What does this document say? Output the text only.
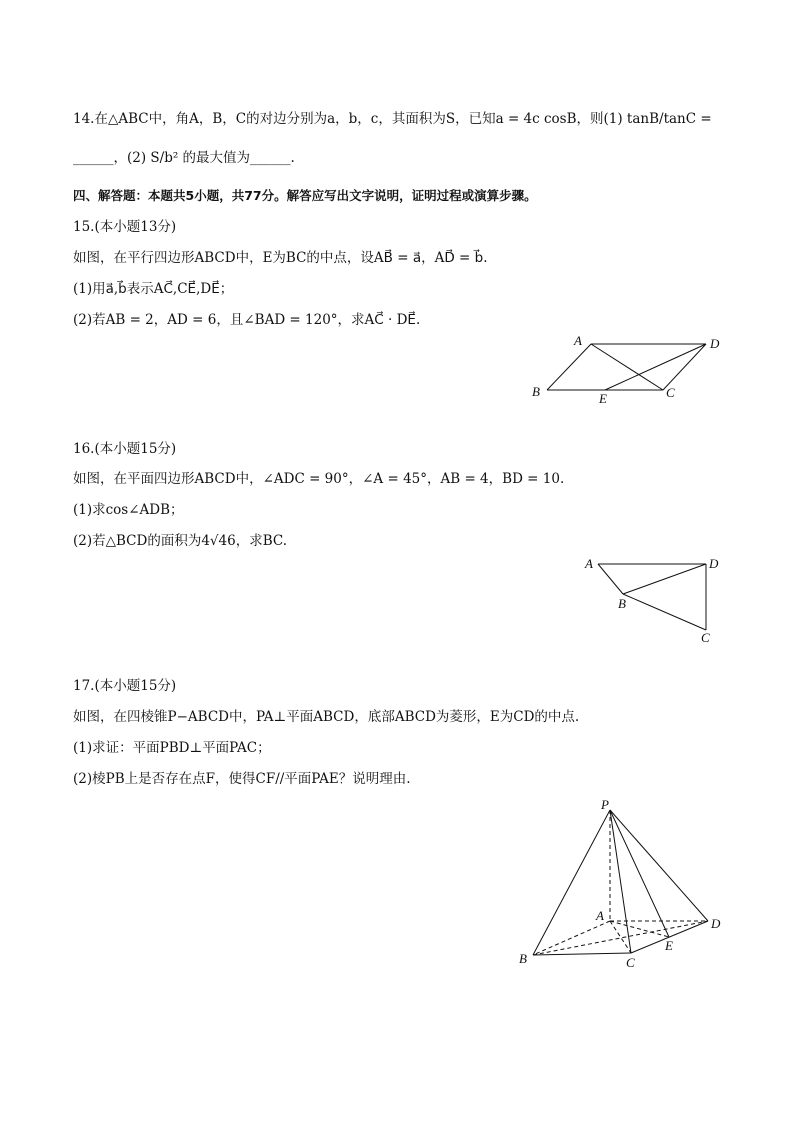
14.在△ABC中，角A，B，C的对边分别为a，b，c，其面积为S，已知a = 4c cosB，则(1) tanB/tanC =
______，(2) S/b² 的最大值为______.
四、解答题：本题共5小题，共77分。解答应写出文字说明，证明过程或演算步骤。
15.(本小题13分)
如图，在平行四边形ABCD中，E为BC的中点，设AB⃗ = a⃗，AD⃗ = b⃗.
(1)用a⃗,b⃗表示AC⃗,CE⃗,DE⃗；
(2)若AB = 2，AD = 6，且∠BAD = 120°，求AC⃗ · DE⃗.
A	D
B	E	C
16.(本小题15分)
如图，在平面四边形ABCD中，∠ADC = 90°，∠A = 45°，AB = 4，BD = 10.
(1)求cos∠ADB；
(2)若△BCD的面积为4√46，求BC.
A	D
B
C
17.(本小题15分)
如图，在四棱锥P−ABCD中，PA⊥平面ABCD，底部ABCD为菱形，E为CD的中点.
(1)求证：平面PBD⊥平面PAC；
(2)棱PB上是否存在点F，使得CF//平面PAE？说明理由.
P
A
D
E
B	C
